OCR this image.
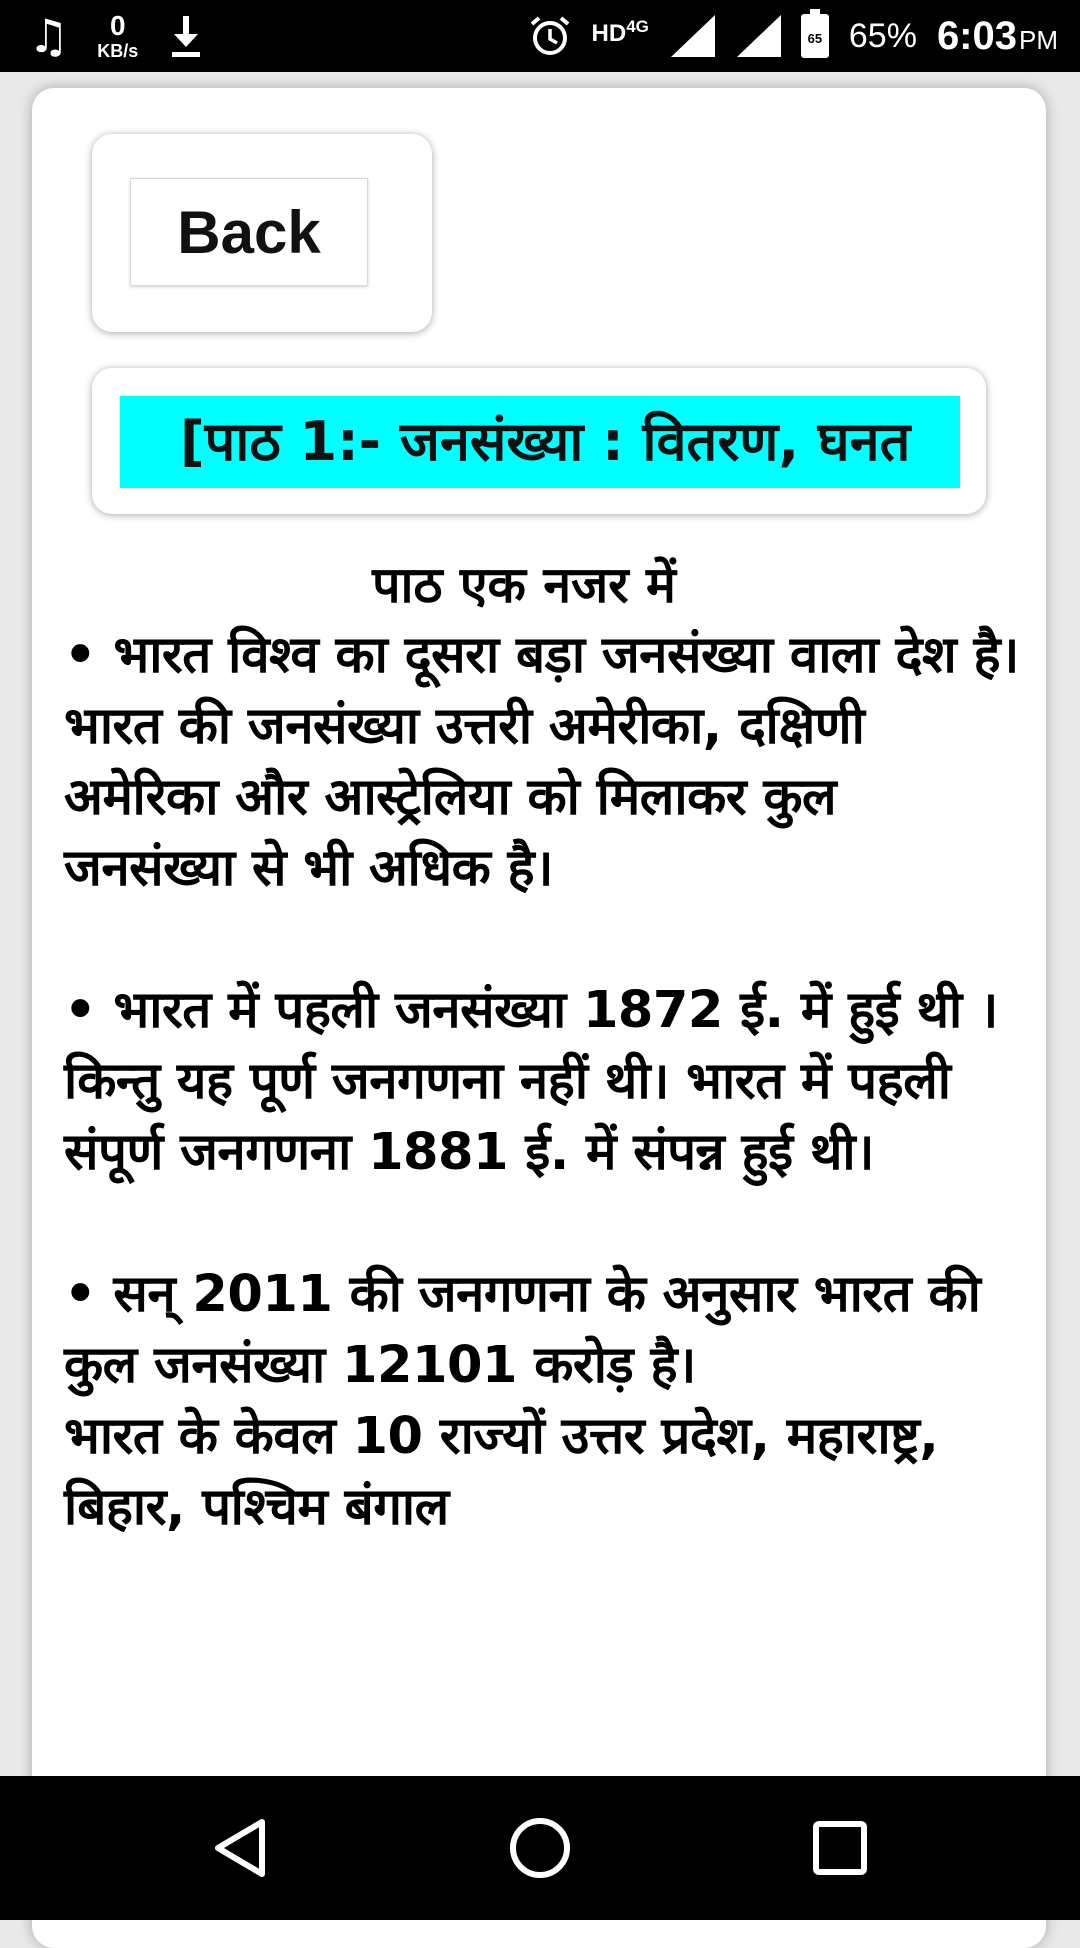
♫ 0
KB/s
$HD^{4G}$
65 65% 6:03PM
Back
[पाठ 1:- जनसंख्या : वितरण, घनत

पाठ एक नजर में

• भारत विश्व का दूसरा बड़ा जनसंख्या वाला देश है। भारत की जनसंख्या उत्तरी अमेरीका, दक्षिणी अमेरिका और आस्ट्रेलिया को मिलाकर कुल जनसंख्या से भी अधिक है।

• भारत में पहली जनसंख्या 1872 ई. में हुई थी । किन्तु यह पूर्ण जनगणना नहीं थी। भारत में पहली संपूर्ण जनगणना 1881 ई. में संपन्न हुई थी।

• सन् 2011 की जनगणना के अनुसार भारत की कुल जनसंख्या 12101 करोड़ है।

भारत के केवल 10 राज्यों उत्तर प्रदेश, महाराष्ट्र, बिहार, पश्चिम बंगाल
